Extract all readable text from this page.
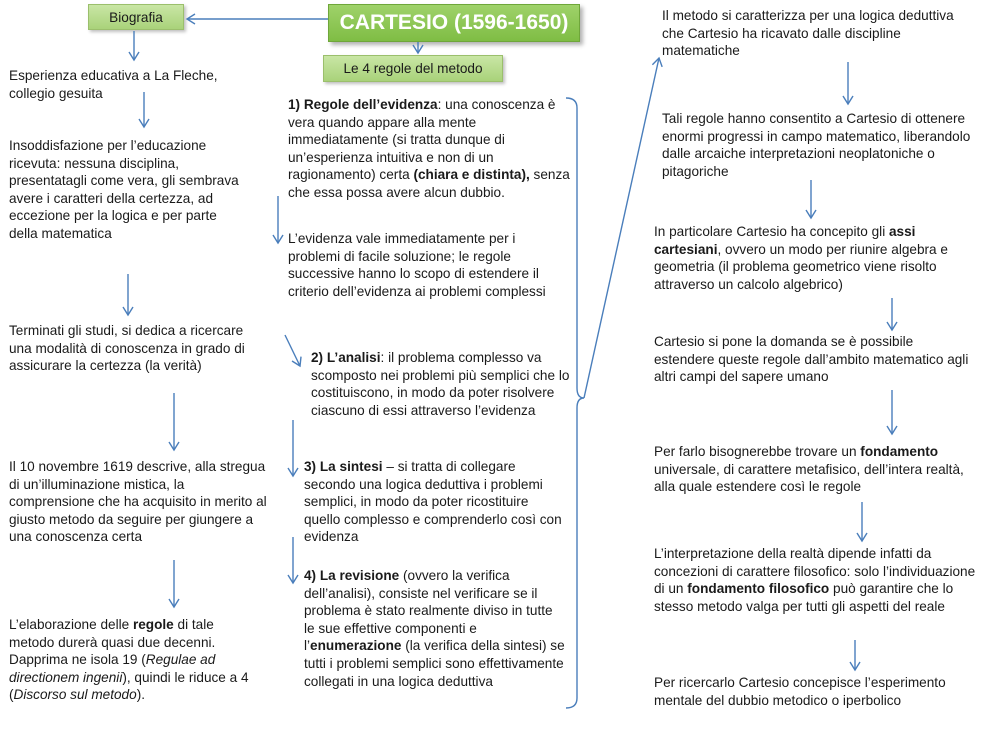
CARTESIO (1596-1650)
Biografia
Le 4 regole del metodo

Esperienza educativa a La Fleche, collegio gesuita

Insoddisfazione per l’educazione ricevuta: nessuna disciplina, presentatagli come vera, gli sembrava avere i caratteri della certezza, ad eccezione per la logica e per parte della matematica

Terminati gli studi, si dedica a ricercare una modalità di conoscenza in grado di assicurare la certezza (la verità)

Il 10 novembre 1619 descrive, alla stregua di un’illuminazione mistica, la comprensione che ha acquisito in merito al giusto metodo da seguire per giungere a una conoscenza certa

L’elaborazione delle regole di tale metodo durerà quasi due decenni. Dapprima ne isola 19 (Regulae ad directionem ingenii), quindi le riduce a 4 (Discorso sul metodo).

1) Regole dell’evidenza: una conoscenza è vera quando appare alla mente immediatamente (si tratta dunque di un’esperienza intuitiva e non di un ragionamento) certa (chiara e distinta), senza che essa possa avere alcun dubbio.

L’evidenza vale immediatamente per i problemi di facile soluzione; le regole successive hanno lo scopo di estendere il criterio dell’evidenza ai problemi complessi

2) L’analisi: il problema complesso va scomposto nei problemi più semplici che lo costituiscono, in modo da poter risolvere ciascuno di essi attraverso l’evidenza

3) La sintesi – si tratta di collegare secondo una logica deduttiva i problemi semplici, in modo da poter ricostituire quello complesso e comprenderlo così con evidenza

4) La revisione (ovvero la verifica dell’analisi), consiste nel verificare se il problema è stato realmente diviso in tutte le sue effettive componenti e l’enumerazione (la verifica della sintesi) se tutti i problemi semplici sono effettivamente collegati in una logica deduttiva

Il metodo si caratterizza per una logica deduttiva che Cartesio ha ricavato dalle discipline matematiche

Tali regole hanno consentito a Cartesio di ottenere enormi progressi in campo matematico, liberandolo dalle arcaiche interpretazioni neoplatoniche o pitagoriche

In particolare Cartesio ha concepito gli assi cartesiani, ovvero un modo per riunire algebra e geometria (il problema geometrico viene risolto attraverso un calcolo algebrico)

Cartesio si pone la domanda se è possibile estendere queste regole dall’ambito matematico agli altri campi del sapere umano

Per farlo bisognerebbe trovare un fondamento universale, di carattere metafisico, dell’intera realtà, alla quale estendere così le regole

L’interpretazione della realtà dipende infatti da concezioni di carattere filosofico: solo l’individuazione di un fondamento filosofico può garantire che lo stesso metodo valga per tutti gli aspetti del reale

Per ricercarlo Cartesio concepisce l’esperimento mentale del dubbio metodico o iperbolico
